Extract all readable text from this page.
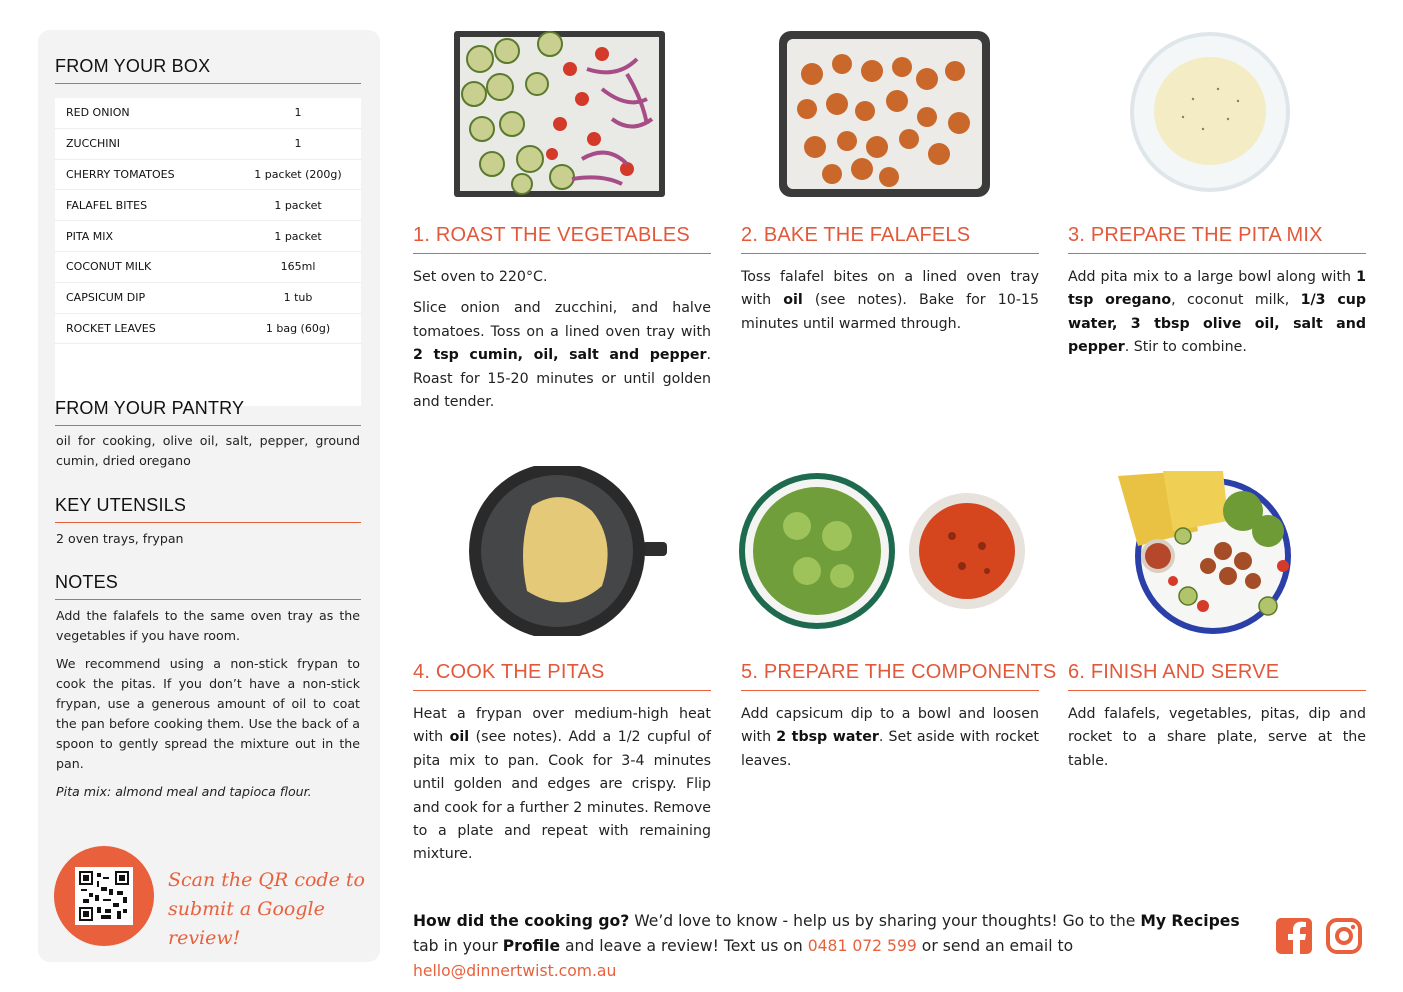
FROM YOUR BOX
RED ONION	1
ZUCCHINI	1
CHERRY TOMATOES	1 packet (200g)
FALAFEL BITES	1 packet
PITA MIX	1 packet
COCONUT MILK	165ml
CAPSICUM DIP	1 tub
ROCKET LEAVES	1 bag (60g)
FROM YOUR PANTRY

oil for cooking, olive oil, salt, pepper, ground cumin, dried oregano

KEY UTENSILS

2 oven trays, frypan

NOTES

Add the falafels to the same oven tray as the vegetables if you have room.

We recommend using a non-stick frypan to cook the pitas. If you don’t have a non-stick frypan, use a generous amount of oil to coat the pan before cooking them. Use the back of a spoon to gently spread the mixture out in the pan.

Pita mix: almond meal and tapioca flour.

Scan the QR code to
submit a Google review!
1. ROAST THE VEGETABLES

Set oven to 220°C.

Slice onion and zucchini, and halve tomatoes. Toss on a lined oven tray with 2 tsp cumin, oil, salt and pepper. Roast for 15-20 minutes or until golden and tender.

2. BAKE THE FALAFELS

Toss falafel bites on a lined oven tray with oil (see notes). Bake for 10-15 minutes until warmed through.

3. PREPARE THE PITA MIX

Add pita mix to a large bowl along with 1 tsp oregano, coconut milk, 1/3 cup water, 3 tbsp olive oil, salt and pepper. Stir to combine.

4. COOK THE PITAS

Heat a frypan over medium-high heat with oil (see notes). Add a 1/2 cupful of pita mix to pan. Cook for 3-4 minutes until golden and edges are crispy. Flip and cook for a further 2 minutes. Remove to a plate and repeat with remaining mixture.

5. PREPARE THE COMPONENTS

Add capsicum dip to a bowl and loosen with 2 tbsp water. Set aside with rocket leaves.

6. FINISH AND SERVE

Add falafels, vegetables, pitas, dip and rocket to a share plate, serve at the table.

How did the cooking go? We’d love to know - help us by sharing your thoughts! Go to the My Recipes tab in your Profile and leave a review! Text us on 0481 072 599 or send an email to hello@dinnertwist.com.au
